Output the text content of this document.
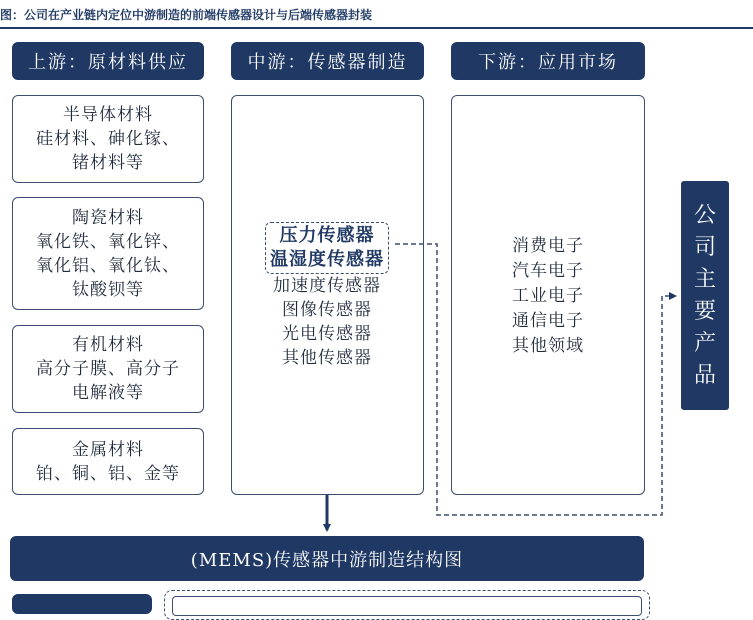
图：公司在产业链内定位中游制造的前端传感器设计与后端传感器封装
上游：原材料供应	中游：传感器制造	下游：应用市场
半导体材料
硅材料、砷化镓、
锗材料等
陶瓷材料
氧化铁、氧化锌、
氧化铝、氧化钛、
钛酸钡等
有机材料
高分子膜、高分子
电解液等
金属材料
铂、铜、铝、金等
压力传感器
温湿度传感器
加速度传感器
图像传感器
光电传感器
其他传感器
消费电子
汽车电子
工业电子
通信电子
其他领域
公司主要产品
(MEMS)传感器中游制造结构图
